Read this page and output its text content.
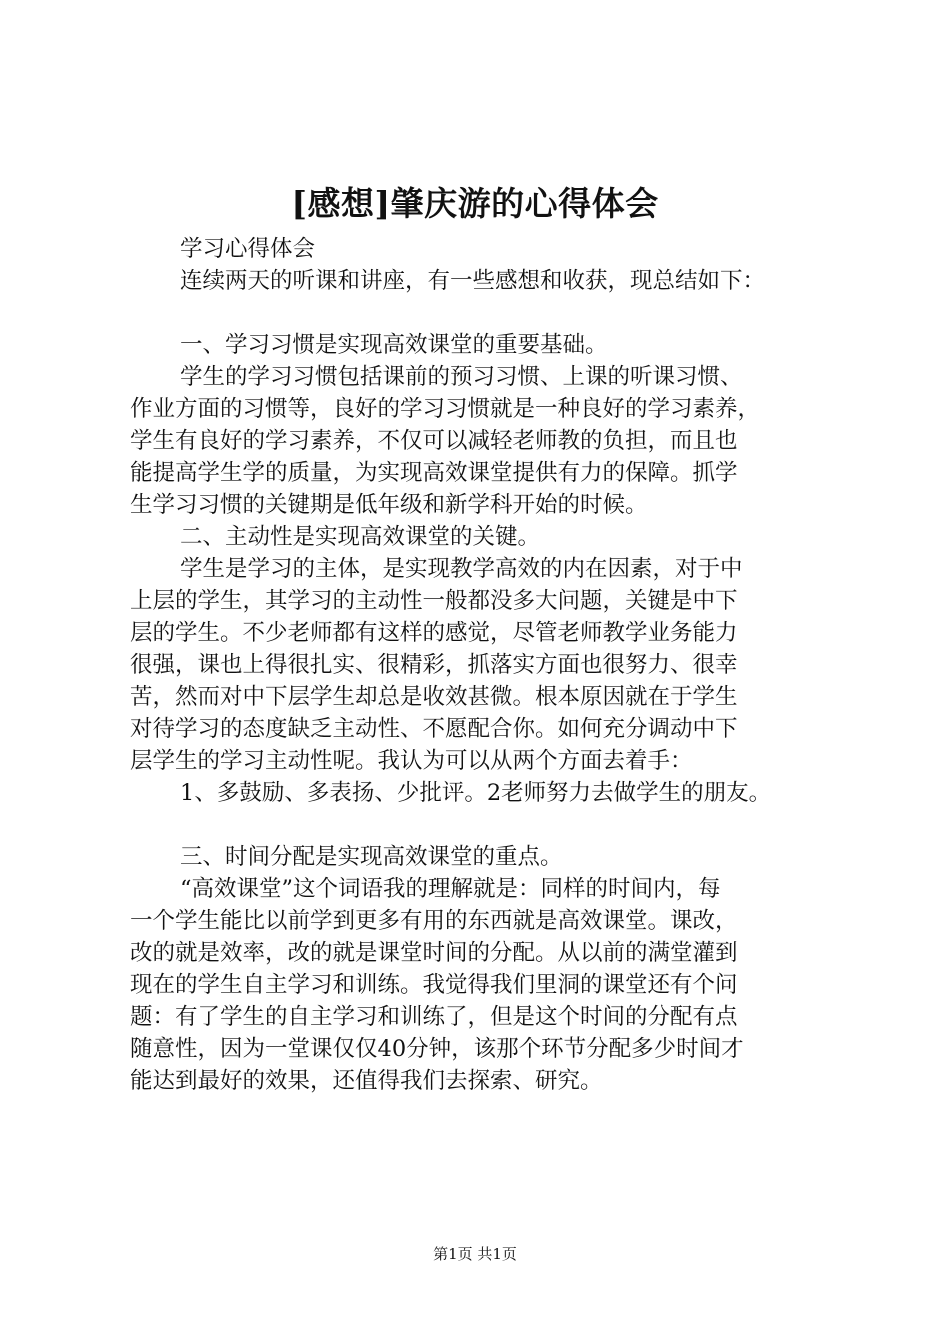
[感想]肇庆游的心得体会
学习心得体会
连续两天的听课和讲座，有一些感想和收获，现总结如下：
一、学习习惯是实现高效课堂的重要基础。
学生的学习习惯包括课前的预习习惯、上课的听课习惯、
作业方面的习惯等，良好的学习习惯就是一种良好的学习素养，
学生有良好的学习素养，不仅可以减轻老师教的负担，而且也
能提高学生学的质量，为实现高效课堂提供有力的保障。抓学
生学习习惯的关键期是低年级和新学科开始的时候。
二、主动性是实现高效课堂的关键。
学生是学习的主体，是实现教学高效的内在因素，对于中
上层的学生，其学习的主动性一般都没多大问题，关键是中下
层的学生。不少老师都有这样的感觉，尽管老师教学业务能力
很强，课也上得很扎实、很精彩，抓落实方面也很努力、很幸
苦，然而对中下层学生却总是收效甚微。根本原因就在于学生
对待学习的态度缺乏主动性、不愿配合你。如何充分调动中下
层学生的学习主动性呢。我认为可以从两个方面去着手：
1、多鼓励、多表扬、少批评。2老师努力去做学生的朋友。
三、时间分配是实现高效课堂的重点。
“高效课堂”这个词语我的理解就是：同样的时间内，每
一个学生能比以前学到更多有用的东西就是高效课堂。课改，
改的就是效率，改的就是课堂时间的分配。从以前的满堂灌到
现在的学生自主学习和训练。我觉得我们里洞的课堂还有个问
题：有了学生的自主学习和训练了，但是这个时间的分配有点
随意性，因为一堂课仅仅40分钟，该那个环节分配多少时间才
能达到最好的效果，还值得我们去探索、研究。
第1页 共1页
